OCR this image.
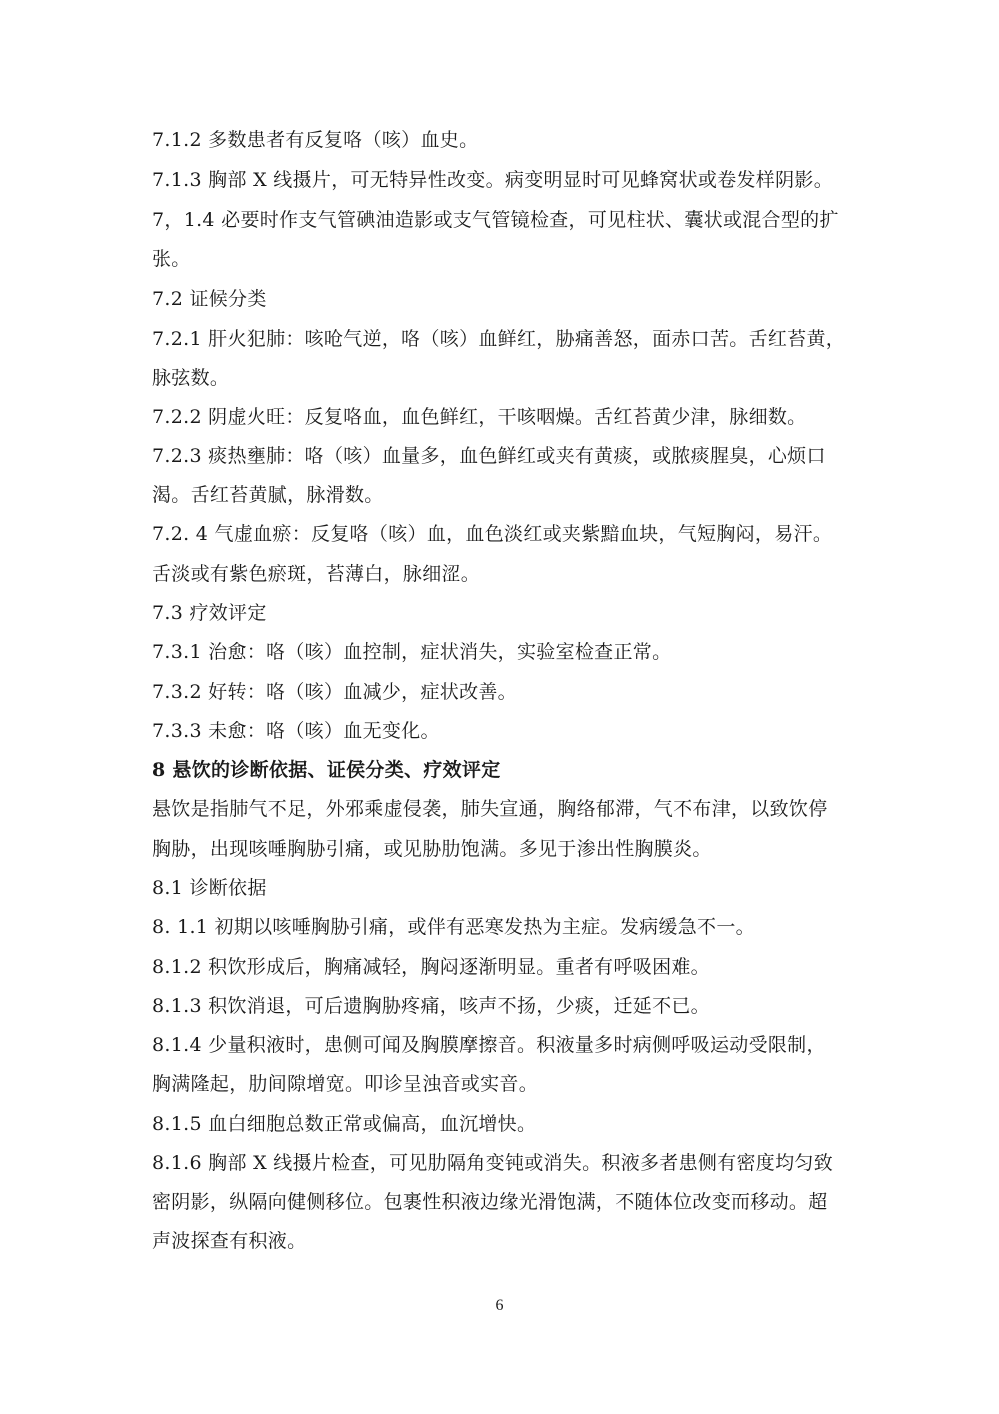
7.1.2 多数患者有反复咯（咳）血史。
7.1.3 胸部 X 线摄片，可无特异性改变。病变明显时可见蜂窝状或卷发样阴影。
7，1.4 必要时作支气管碘油造影或支气管镜检查，可见柱状、囊状或混合型的扩
张。
7.2 证候分类
7.2.1 肝火犯肺：咳呛气逆，咯（咳）血鲜红，胁痛善怒，面赤口苦。舌红苔黄，
脉弦数。
7.2.2 阴虚火旺：反复咯血，血色鲜红，干咳咽燥。舌红苔黄少津，脉细数。
7.2.3 痰热壅肺：咯（咳）血量多，血色鲜红或夹有黄痰，或脓痰腥臭，心烦口
渴。舌红苔黄腻，脉滑数。
7.2. 4 气虚血瘀：反复咯（咳）血，血色淡红或夹紫黯血块，气短胸闷，易汗。
舌淡或有紫色瘀斑，苔薄白，脉细涩。
7.3 疗效评定
7.3.1 治愈：咯（咳）血控制，症状消失，实验室检查正常。
7.3.2 好转：咯（咳）血减少，症状改善。
7.3.3 未愈：咯（咳）血无变化。
8 悬饮的诊断依据、证侯分类、疗效评定
悬饮是指肺气不足，外邪乘虚侵袭，肺失宣通，胸络郁滞，气不布津，以致饮停
胸胁，出现咳唾胸胁引痛，或见胁肋饱满。多见于渗出性胸膜炎。
8.1 诊断依据
8. 1.1 初期以咳唾胸胁引痛，或伴有恶寒发热为主症。发病缓急不一。
8.1.2 积饮形成后，胸痛减轻，胸闷逐渐明显。重者有呼吸困难。
8.1.3 积饮消退，可后遗胸胁疼痛，咳声不扬，少痰，迁延不已。
8.1.4 少量积液时，患侧可闻及胸膜摩擦音。积液量多时病侧呼吸运动受限制，
胸满隆起，肋间隙增宽。叩诊呈浊音或实音。
8.1.5 血白细胞总数正常或偏高，血沉增快。
8.1.6 胸部 X 线摄片检查，可见肋隔角变钝或消失。积液多者患侧有密度均匀致
密阴影，纵隔向健侧移位。包裹性积液边缘光滑饱满，不随体位改变而移动。超
声波探查有积液。
6
